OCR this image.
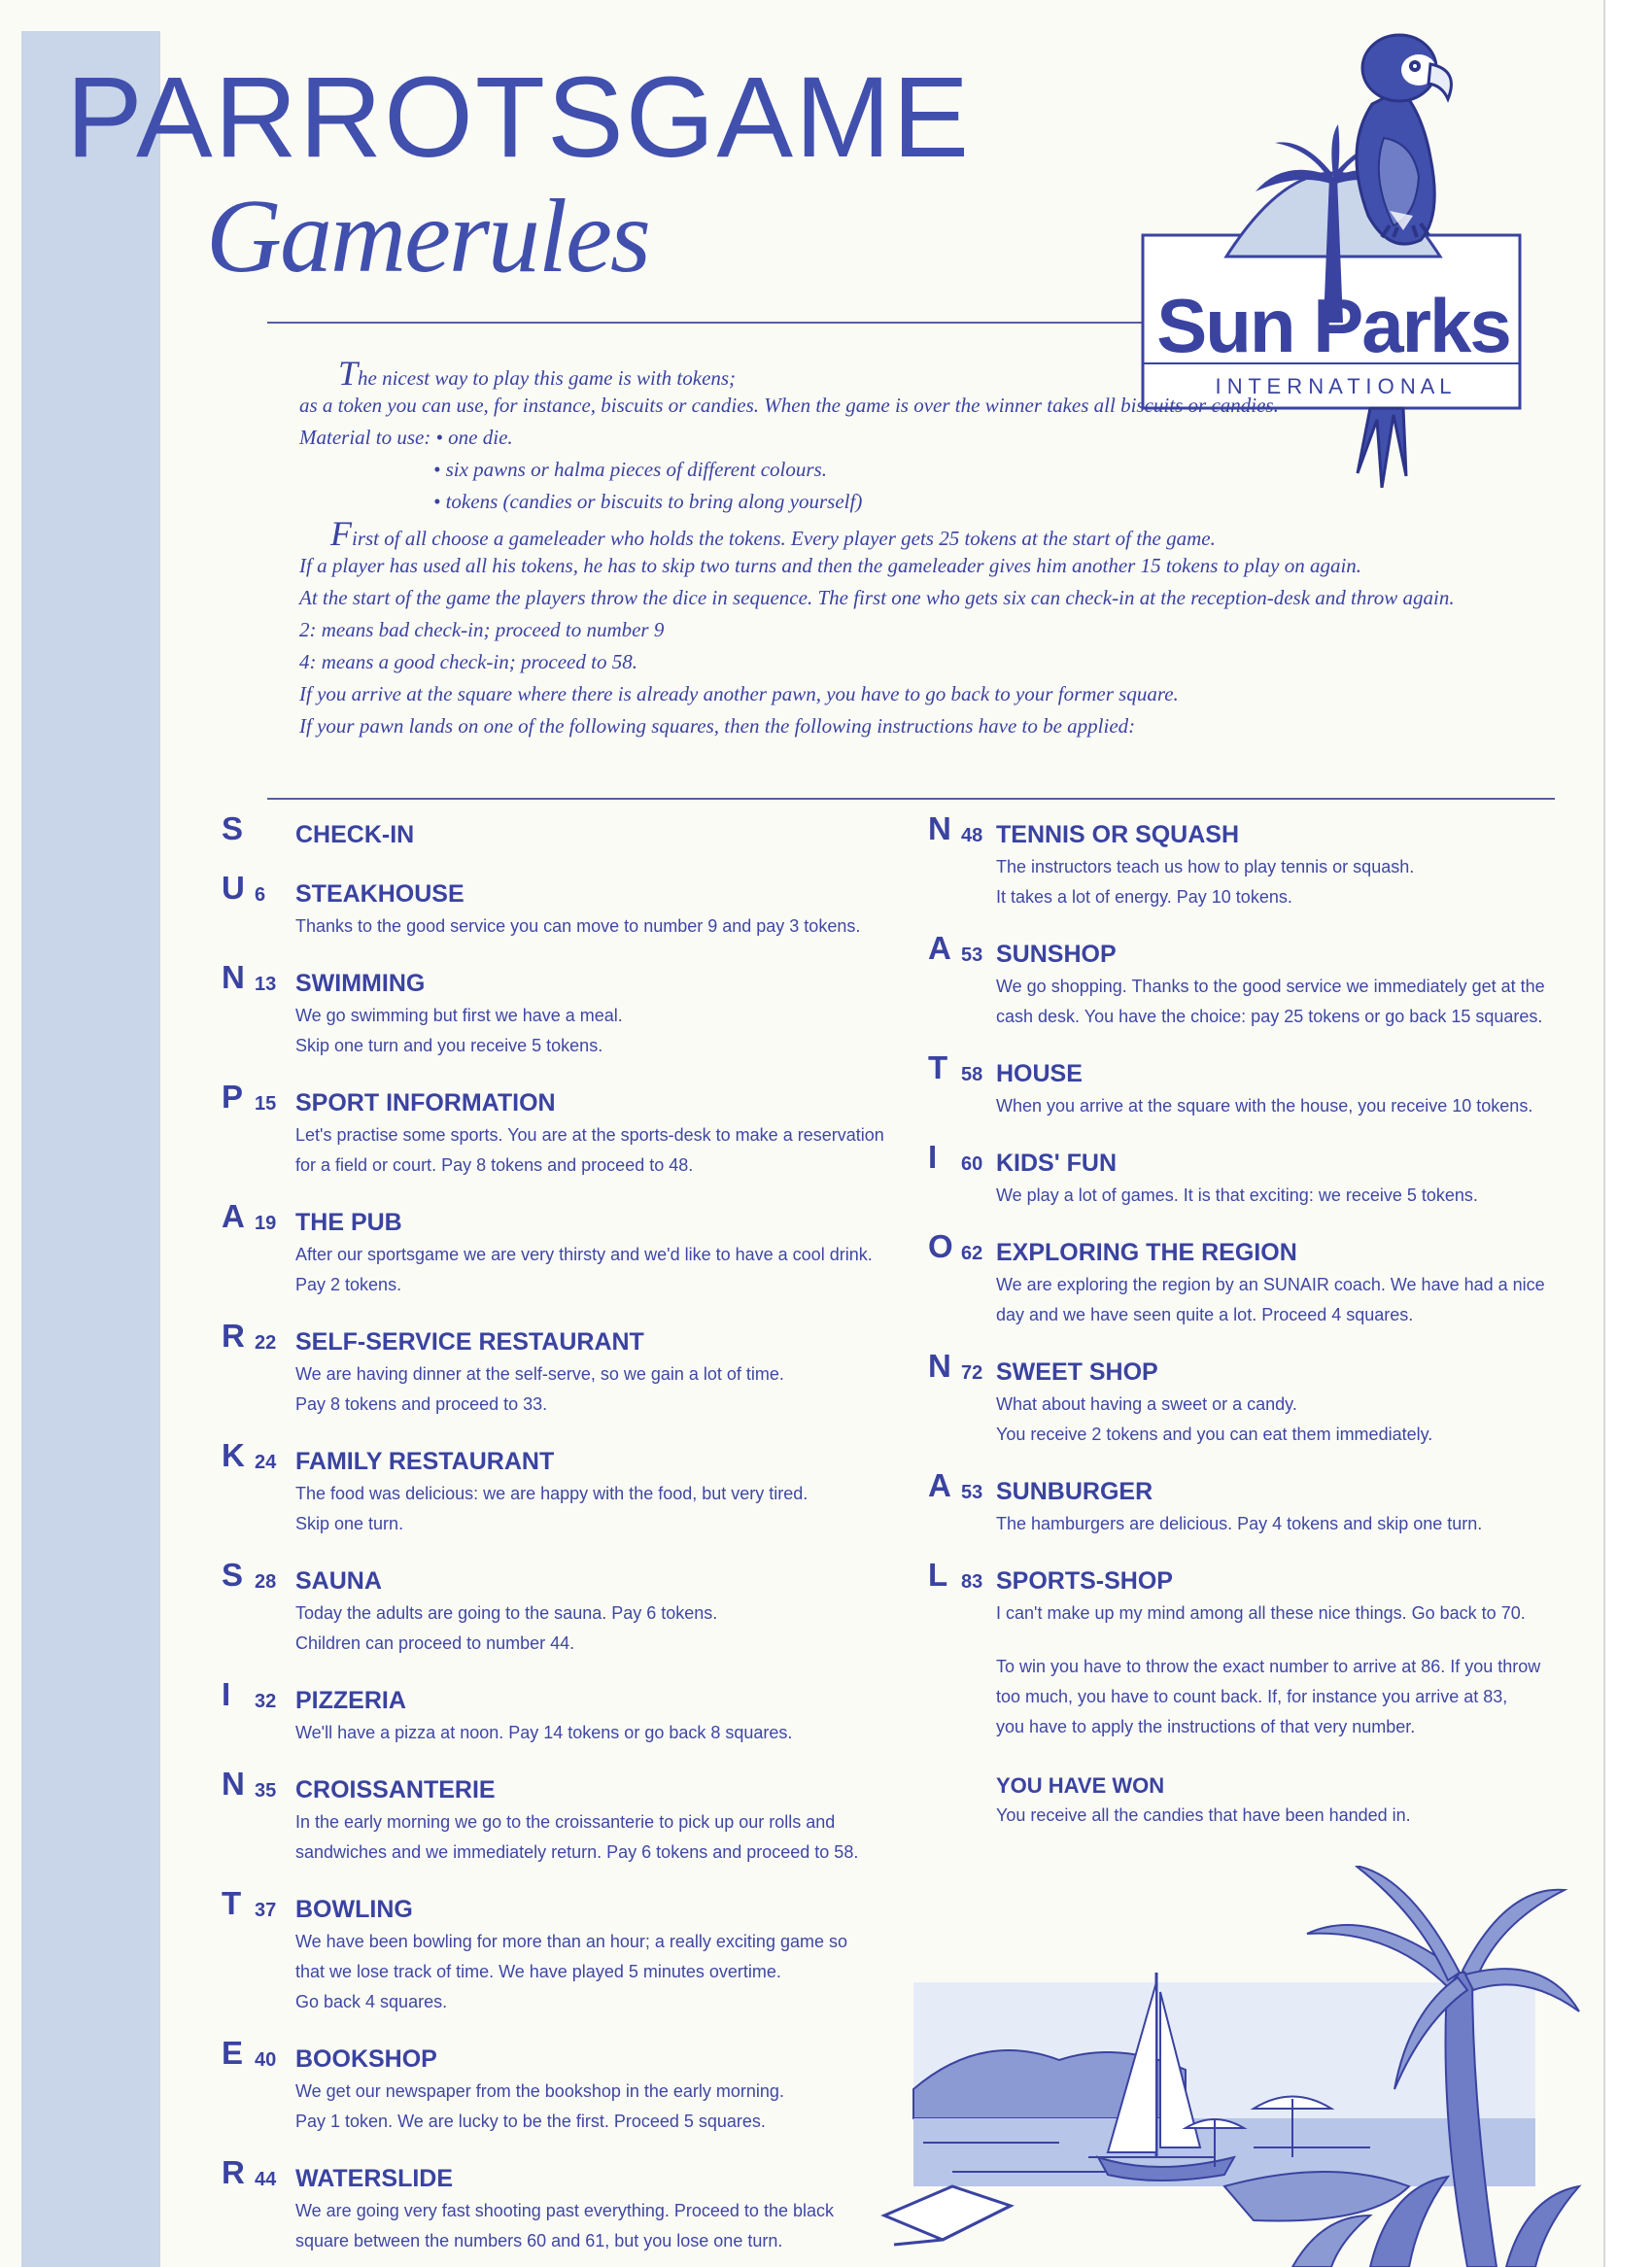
PARROTSGAME
Gamerules
Sun Parks
I N T E R N A T I O N A L

The nicest way to play this game is with tokens;

as a token you can use, for instance, biscuits or candies. When the game is over the winner takes all biscuits or candies.

Material to use: • one die.

• six pawns or halma pieces of different colours.

• tokens (candies or biscuits to bring along yourself)

First of all choose a gameleader who holds the tokens. Every player gets 25 tokens at the start of the game.

If a player has used all his tokens, he has to skip two turns and then the gameleader gives him another 15 tokens to play on again.

At the start of the game the players throw the dice in sequence. The first one who gets six can check-in at the reception-desk and throw again.

2: means bad check-in; proceed to number 9

4: means a good check-in; proceed to 58.

If you arrive at the square where there is already another pawn, you have to go back to your former square.

If your pawn lands on one of the following squares, then the following instructions have to be applied:

S	CHECK-IN
U 6 STEAKHOUSE
Thanks to the good service you can move to number 9 and pay 3 tokens.
N 13 SWIMMING
We go swimming but first we have a meal.
Skip one turn and you receive 5 tokens.
P 15 SPORT INFORMATION
Let's practise some sports. You are at the sports-desk to make a reservation
for a field or court. Pay 8 tokens and proceed to 48.
A 19 THE PUB
After our sportsgame we are very thirsty and we'd like to have a cool drink.
Pay 2 tokens.
R 22 SELF-SERVICE RESTAURANT
We are having dinner at the self-serve, so we gain a lot of time.
Pay 8 tokens and proceed to 33.
K 24 FAMILY RESTAURANT
The food was delicious: we are happy with the food, but very tired.
Skip one turn.
S 28 SAUNA
Today the adults are going to the sauna. Pay 6 tokens.
Children can proceed to number 44.
I	32 PIZZERIA
We'll have a pizza at noon. Pay 14 tokens or go back 8 squares.
N 35 CROISSANTERIE
In the early morning we go to the croissanterie to pick up our rolls and
sandwiches and we immediately return. Pay 6 tokens and proceed to 58.
T 37 BOWLING
We have been bowling for more than an hour; a really exciting game so
that we lose track of time. We have played 5 minutes overtime.
Go back 4 squares.
E 40 BOOKSHOP
We get our newspaper from the bookshop in the early morning.
Pay 1 token. We are lucky to be the first. Proceed 5 squares.
R 44 WATERSLIDE
We are going very fast shooting past everything. Proceed to the black
square between the numbers 60 and 61, but you lose one turn.
N 48 TENNIS OR SQUASH
The instructors teach us how to play tennis or squash.
It takes a lot of energy. Pay 10 tokens.
A 53 SUNSHOP
We go shopping. Thanks to the good service we immediately get at the
cash desk. You have the choice: pay 25 tokens or go back 15 squares.
T 58 HOUSE
When you arrive at the square with the house, you receive 10 tokens.
I	60 KIDS' FUN
We play a lot of games. It is that exciting: we receive 5 tokens.
O 62 EXPLORING THE REGION
We are exploring the region by an SUNAIR coach. We have had a nice
day and we have seen quite a lot. Proceed 4 squares.
N 72 SWEET SHOP
What about having a sweet or a candy.
You receive 2 tokens and you can eat them immediately.
A 53 SUNBURGER
The hamburgers are delicious. Pay 4 tokens and skip one turn.
L 83 SPORTS-SHOP
I can't make up my mind among all these nice things. Go back to 70.
To win you have to throw the exact number to arrive at 86. If you throw
too much, you have to count back. If, for instance you arrive at 83,
you have to apply the instructions of that very number.
YOU HAVE WON
You receive all the candies that have been handed in.
